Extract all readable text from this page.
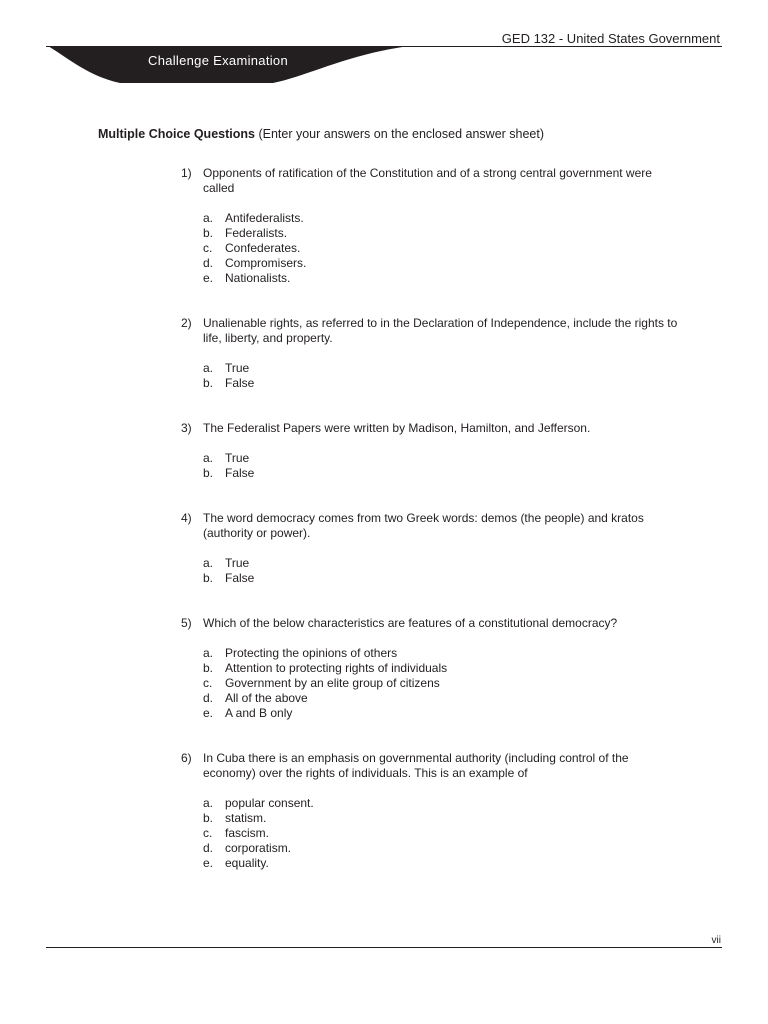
GED 132 - United States Government
Challenge Examination
Multiple Choice Questions (Enter your answers on the enclosed answer sheet)
1) Opponents of ratification of the Constitution and of a strong central government were called

a. Antifederalists.
b. Federalists.
c.	Confederates.
d. Compromisers.
e. Nationalists.
2) Unalienable rights, as referred to in the Declaration of Independence, include the rights to life, liberty, and property.

a. True
b. False
3) The Federalist Papers were written by Madison, Hamilton, and Jefferson.

a. True
b. False
4) The word democracy comes from two Greek words: demos (the people) and kratos (authority or power).

a. True
b. False
5) Which of the below characteristics are features of a constitutional democracy?

a. Protecting the opinions of others
b. Attention to protecting rights of individuals
c.	Government by an elite group of citizens
d. All of the above
e. A and B only
6) In Cuba there is an emphasis on governmental authority (including control of the economy) over the rights of individuals. This is an example of

a. popular consent.
b. statism.
c.	fascism.
d. corporatism.
e. equality.
vii
